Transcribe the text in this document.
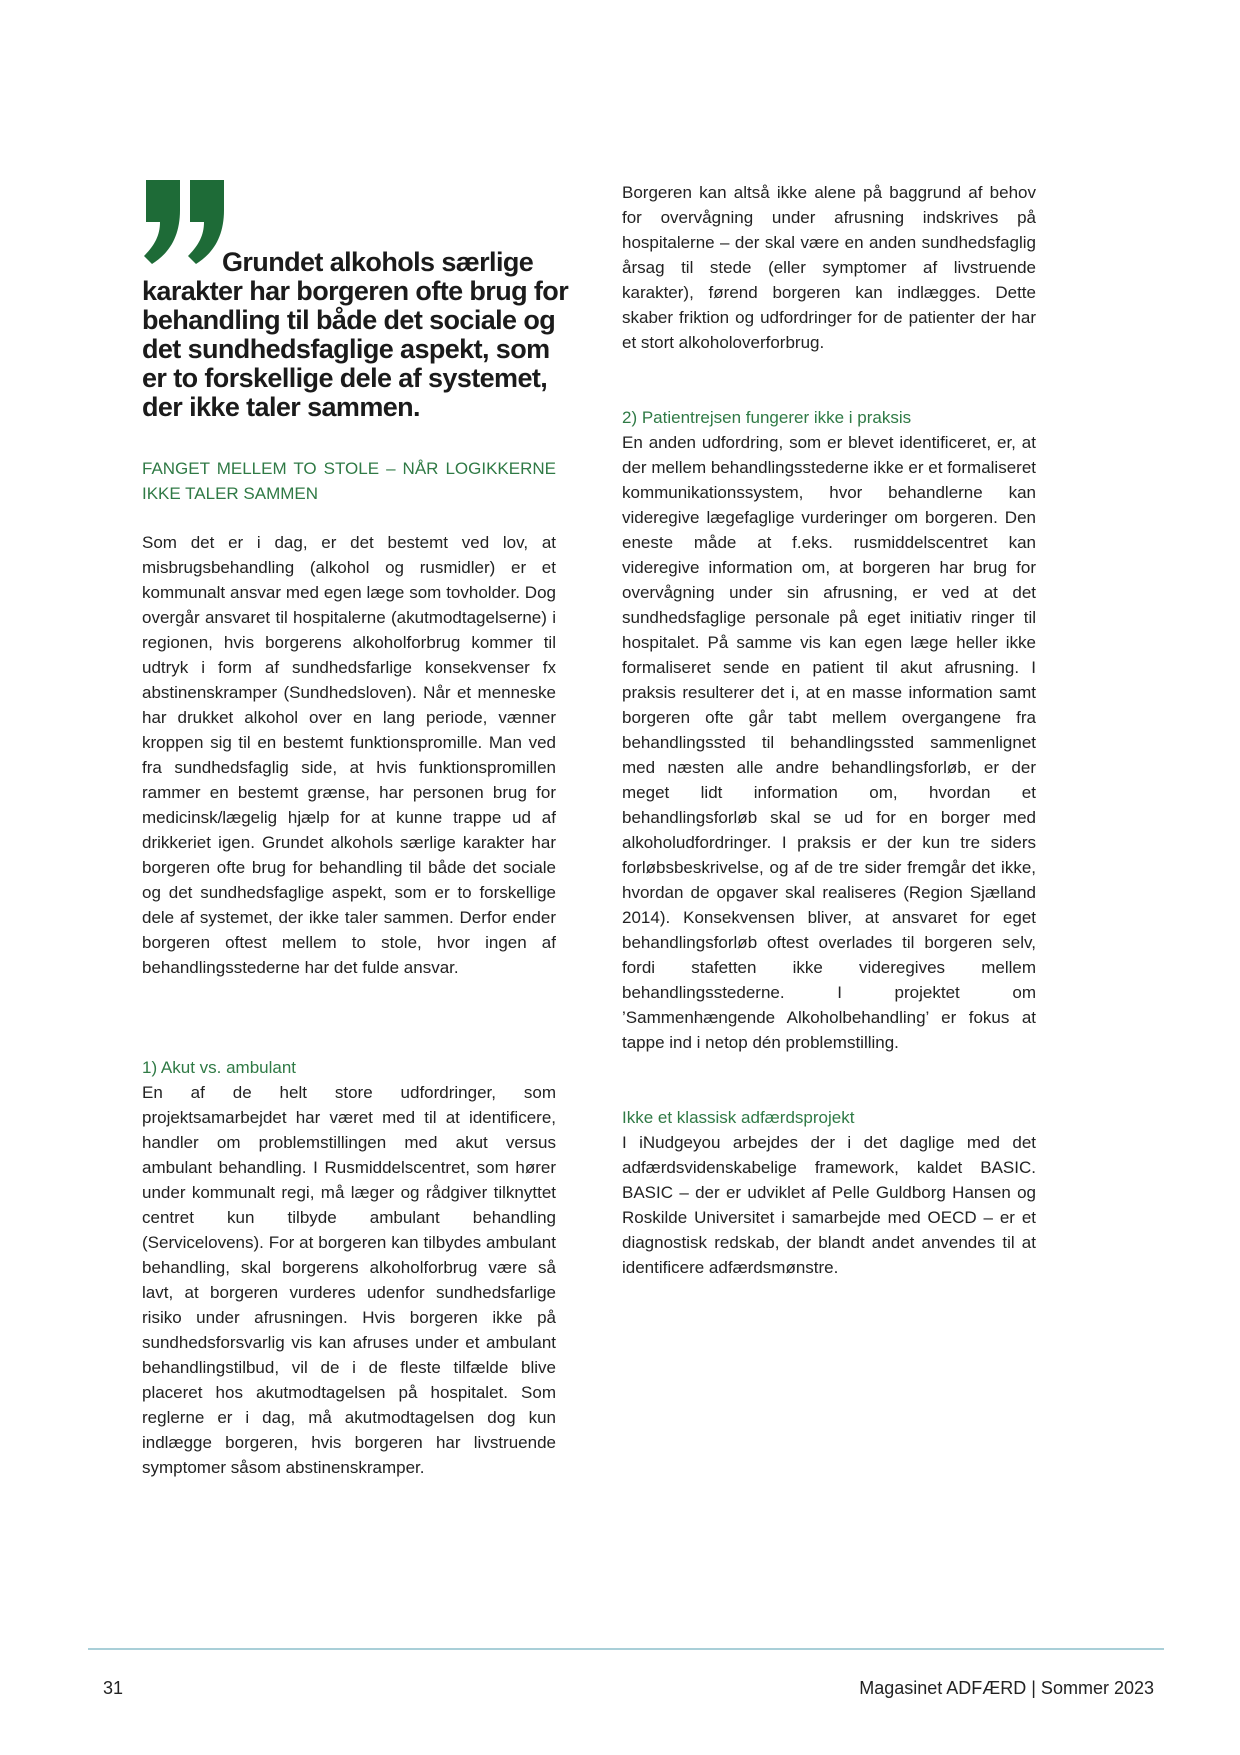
Grundet alkohols særlige
karakter har borgeren ofte brug for behandling til både det sociale og det sundhedsfaglige aspekt, som er to forskellige dele af systemet, der ikke taler sammen.

FANGET MELLEM TO STOLE – NÅR LOGIKKERNE IKKE TALER SAMMEN

Som det er i dag, er det bestemt ved lov, at misbrugsbehandling (alkohol og rusmidler) er et kommunalt ansvar med egen læge som tovholder. Dog overgår ansvaret til hospitalerne (akutmodtagelserne) i regionen, hvis borgerens alkoholforbrug kommer til udtryk i form af sundhedsfarlige konsekvenser fx abstinenskramper (Sundhedsloven). Når et menneske har drukket alkohol over en lang periode, vænner kroppen sig til en bestemt funktionspromille. Man ved fra sundhedsfaglig side, at hvis funktionspromillen rammer en bestemt grænse, har personen brug for medicinsk/lægelig hjælp for at kunne trappe ud af drikkeriet igen. Grundet alkohols særlige karakter har borgeren ofte brug for behandling til både det sociale og det sundhedsfaglige aspekt, som er to forskellige dele af systemet, der ikke taler sammen. Derfor ender borgeren oftest mellem to stole, hvor ingen af behandlingsstederne har det fulde ansvar.

1) Akut vs. ambulant

En af de helt store udfordringer, som projektsamarbejdet har været med til at identificere, handler om problemstillingen med akut versus ambulant behandling. I Rusmiddelscentret, som hører under kommunalt regi, må læger og rådgiver tilknyttet centret kun tilbyde ambulant behandling (Servicelovens). For at borgeren kan tilbydes ambulant behandling, skal borgerens alkoholforbrug være så lavt, at borgeren vurderes udenfor sundhedsfarlige risiko under afrusningen. Hvis borgeren ikke på sundhedsforsvarlig vis kan afruses under et ambulant behandlingstilbud, vil de i de fleste tilfælde blive placeret hos akutmodtagelsen på hospitalet. Som reglerne er i dag, må akutmodtagelsen dog kun indlægge borgeren, hvis borgeren har livstruende symptomer såsom abstinenskramper.

Borgeren kan altså ikke alene på baggrund af behov for overvågning under afrusning indskrives på hospitalerne – der skal være en anden sundhedsfaglig årsag til stede (eller symptomer af livstruende karakter), førend borgeren kan indlægges. Dette skaber friktion og udfordringer for de patienter der har et stort alkoholoverforbrug.

2) Patientrejsen fungerer ikke i praksis

En anden udfordring, som er blevet identificeret, er, at der mellem behandlingsstederne ikke er et formaliseret kommunikationssystem, hvor behandlerne kan videregive lægefaglige vurderinger om borgeren. Den eneste måde at f.eks. rusmiddelscentret kan videregive information om, at borgeren har brug for overvågning under sin afrusning, er ved at det sundhedsfaglige personale på eget initiativ ringer til hospitalet. På samme vis kan egen læge heller ikke formaliseret sende en patient til akut afrusning. I praksis resulterer det i, at en masse information samt borgeren ofte går tabt mellem overgangene fra behandlingssted til behandlingssted sammenlignet med næsten alle andre behandlingsforløb, er der meget lidt information om, hvordan et behandlingsforløb skal se ud for en borger med alkoholudfordringer. I praksis er der kun tre siders forløbsbeskrivelse, og af de tre sider fremgår det ikke, hvordan de opgaver skal realiseres (Region Sjælland 2014). Konsekvensen bliver, at ansvaret for eget behandlingsforløb oftest overlades til borgeren selv, fordi stafetten ikke videregives mellem behandlingsstederne. I projektet om ’Sammenhængende Alkoholbehandling’ er fokus at tappe ind i netop dén problemstilling.

Ikke et klassisk adfærdsprojekt

I iNudgeyou arbejdes der i det daglige med det adfærdsvidenskabelige framework, kaldet BASIC. BASIC – der er udviklet af Pelle Guldborg Hansen og Roskilde Universitet i samarbejde med OECD – er et diagnostisk redskab, der blandt andet anvendes til at identificere adfærdsmønstre.

31	Magasinet ADFÆRD | Sommer 2023
